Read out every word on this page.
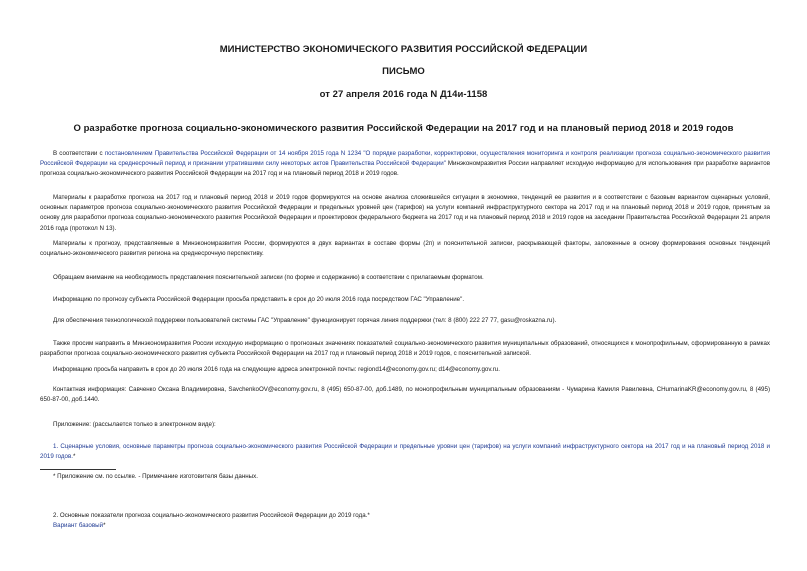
МИНИСТЕРСТВО ЭКОНОМИЧЕСКОГО РАЗВИТИЯ РОССИЙСКОЙ ФЕДЕРАЦИИ
ПИСЬМО
от 27 апреля 2016 года N Д14и-1158
О разработке прогноза социально-экономического развития Российской Федерации на 2017 год и на плановый период 2018 и 2019 годов

В соответствии с постановлением Правительства Российской Федерации от 14 ноября 2015 года N 1234 "О порядке разработки, корректировки, осуществления мониторинга и контроля реализации прогноза социально-экономического развития Российской Федерации на среднесрочный период и признании утратившими силу некоторых актов Правительства Российской Федерации" Минэкономразвития России направляет исходную информацию для использования при разработке вариантов прогноза социально-экономического развития Российской Федерации на 2017 год и на плановый период 2018 и 2019 годов.

Материалы к разработке прогноза на 2017 год и плановый период 2018 и 2019 годов формируются на основе анализа сложившейся ситуации в экономике, тенденций ее развития и в соответствии с базовым вариантом сценарных условий, основных параметров прогноза социально-экономического развития Российской Федерации и предельных уровней цен (тарифов) на услуги компаний инфраструктурного сектора на 2017 год и на плановый период 2018 и 2019 годов, принятым за основу для разработки прогноза социально-экономического развития Российской Федерации и проектировок федерального бюджета на 2017 год и на плановый период 2018 и 2019 годов на заседании Правительства Российской Федерации 21 апреля 2016 года (протокол N 13).

Материалы к прогнозу, представляемые в Минэкономразвития России, формируются в двух вариантах в составе формы (2п) и пояснительной записки, раскрывающей факторы, заложенные в основу формирования основных тенденций социально-экономического развития региона на среднесрочную перспективу.

Обращаем внимание на необходимость представления пояснительной записки (по форме и содержанию) в соответствии с прилагаемым форматом.

Информацию по прогнозу субъекта Российской Федерации просьба представить в срок до 20 июля 2016 года посредством ГАС "Управление".

Для обеспечения технологической поддержки пользователей системы ГАС "Управление" функционирует горячая линия поддержки (тел: 8 (800) 222 27 77, gasu@roskazna.ru).

Также просим направить в Минэкономразвития России исходную информацию о прогнозных значениях показателей социально-экономического развития муниципальных образований, относящихся к монопрофильным, сформированную в рамках разработки прогноза социально-экономического развития субъекта Российской Федерации на 2017 год и плановый период 2018 и 2019 годов, с пояснительной запиской.

Информацию просьба направить в срок до 20 июля 2016 года на следующие адреса электронной почты: regiond14@economy.gov.ru; d14@economy.gov.ru.

Контактная информация: Савченко Оксана Владимировна, SavchenkoOV@economy.gov.ru, 8 (495) 650-87-00, доб.1489, по монопрофильным муниципальным образованиям - Чумарина Камиля Равилевна, CHumarinaKR@economy.gov.ru, 8 (495) 650-87-00, доб.1440.

Приложение: (рассылается только в электронном виде):

1. Сценарные условия, основные параметры прогноза социально-экономического развития Российской Федерации и предельные уровни цен (тарифов) на услуги компаний инфраструктурного сектора на 2017 год и на плановый период 2018 и 2019 годов.*

* Приложение см. по ссылке. - Примечание изготовителя базы данных.

2. Основные показатели прогноза социально-экономического развития Российской Федерации до 2019 года.*

Вариант базовый*
